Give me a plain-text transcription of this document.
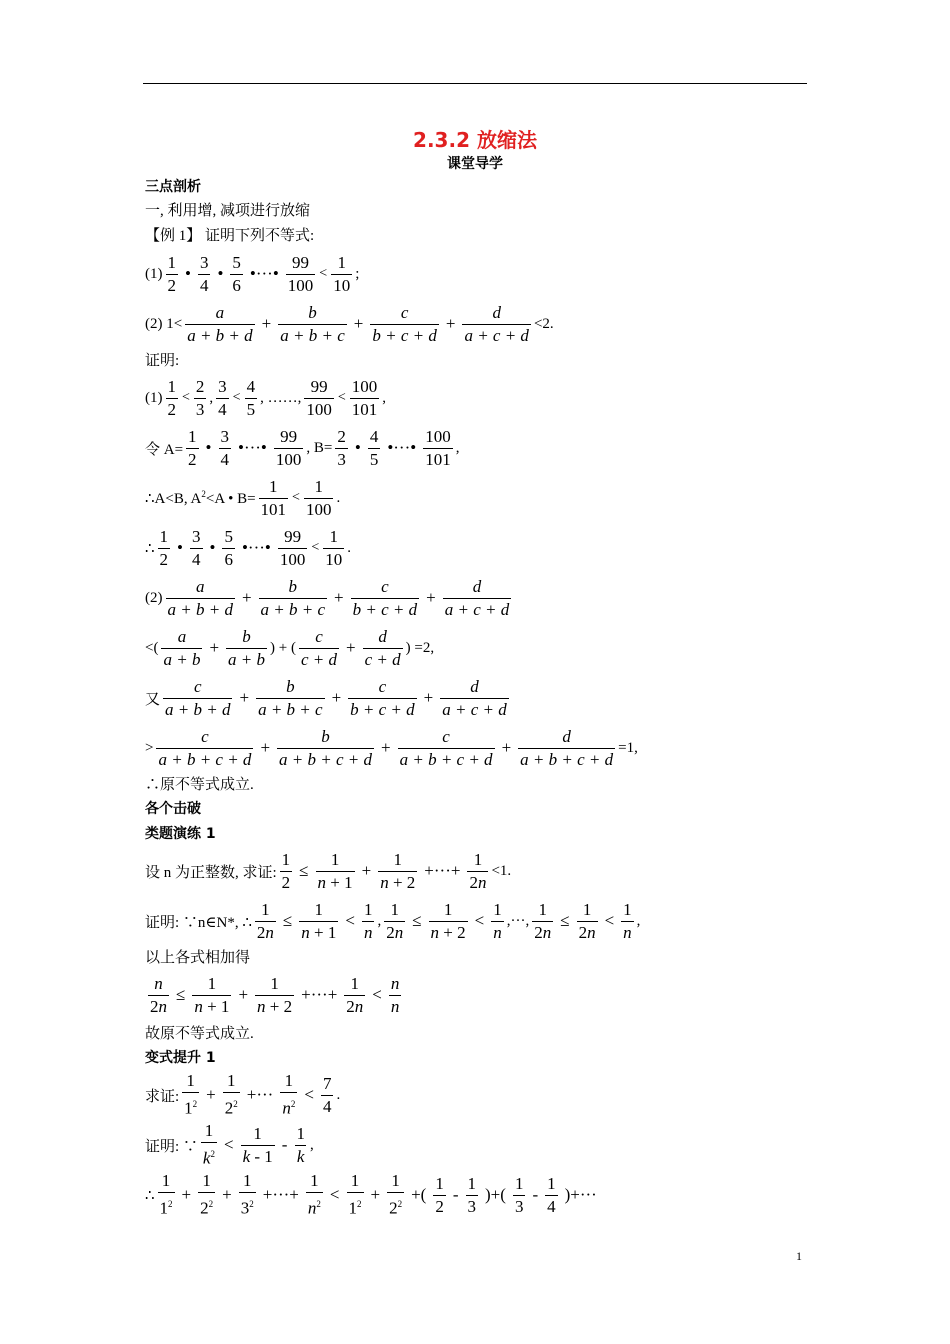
2.3.2 放缩法
课堂导学
三点剖析
一, 利用增, 减项进行放缩
【例 1】 证明下列不等式:
$(1) \frac{1}{2}$ • $\frac{3}{4}$ • $\frac{5}{6}$ •···• $\frac{99}{100} < \frac{1}{10}$ ;
(2) $1< \frac{a}{a + b + d} + \frac{b}{a + b + c} + \frac{c}{b + c + d} + \frac{d}{a + c + d} <2$.
证明:
$(1) \frac{1}{2} < \frac{2}{3}$ , $\frac{3}{4} < \frac{4}{5}$ , ……, $\frac{99}{100} < \frac{100}{101}$ ,
令 $A= \frac{1}{2}$ • $\frac{3}{4}$ •···• $\frac{99}{100}$ , $B= \frac{2}{3}$ • $\frac{4}{5}$ •···• $\frac{100}{101}$ ,
∴A<B, $A^2<A$ • $B= \frac{1}{101} < \frac{1}{100}$ .
∴ $\frac{1}{2}$ • $\frac{3}{4}$ • $\frac{5}{6}$ •···• $\frac{99}{100} < \frac{1}{10}$ .
$(2) \frac{a}{a + b + d} + \frac{b}{a + b + c} + \frac{c}{b + c + d} + \frac{d}{a + c + d}$
<( $\frac{a}{a + b} + \frac{b}{a + b}$ ) + ( $\frac{c}{c + d} + \frac{d}{c + d}$ ) =2,
又 $\frac{c}{a + b + d} + \frac{b}{a + b + c} + \frac{c}{b + c + d} + \frac{d}{a + c + d}$
> $\frac{c}{a + b + c + d} + \frac{b}{a + b + c + d} + \frac{c}{a + b + c + d} + \frac{d}{a + b + c + d} =1$,
∴原不等式成立.
各个击破
类题演练 1
设 n 为正整数, 求证: $\frac{1}{2} \le \frac{1}{n + 1} + \frac{1}{n + 2}$ +···+ $\frac{1}{2n} <1$.
证明: ∵n∈N*, ∴ $\frac{1}{2n} \le \frac{1}{n + 1} < \frac{1}{n}$ , $\frac{1}{2n} \le \frac{1}{n + 2} < \frac{1}{n}$ ,···, $\frac{1}{2n} \le \frac{1}{2n} < \frac{1}{n}$ ,
以上各式相加得
$\frac{n}{2n} \le \frac{1}{n + 1} + \frac{1}{n + 2}$ +···+ $\frac{1}{2n} < \frac{n}{n}$
故原不等式成立.
变式提升 1
求证: $\frac{1}{1^2} + \frac{1}{2^2}$ +··· $\frac{1}{n^2} < \frac{7}{4}$ .
证明: ∵ $\frac{1}{k^2} < \frac{1}{k - 1} - \frac{1}{k}$ ,
∴ $\frac{1}{1^2} + \frac{1}{2^2} + \frac{1}{3^2}$ +···+ $\frac{1}{n^2} < \frac{1}{1^2} + \frac{1}{2^2}$ +( $\frac{1}{2} - \frac{1}{3}$ )+( $\frac{1}{3} - \frac{1}{4}$ )+···
1
